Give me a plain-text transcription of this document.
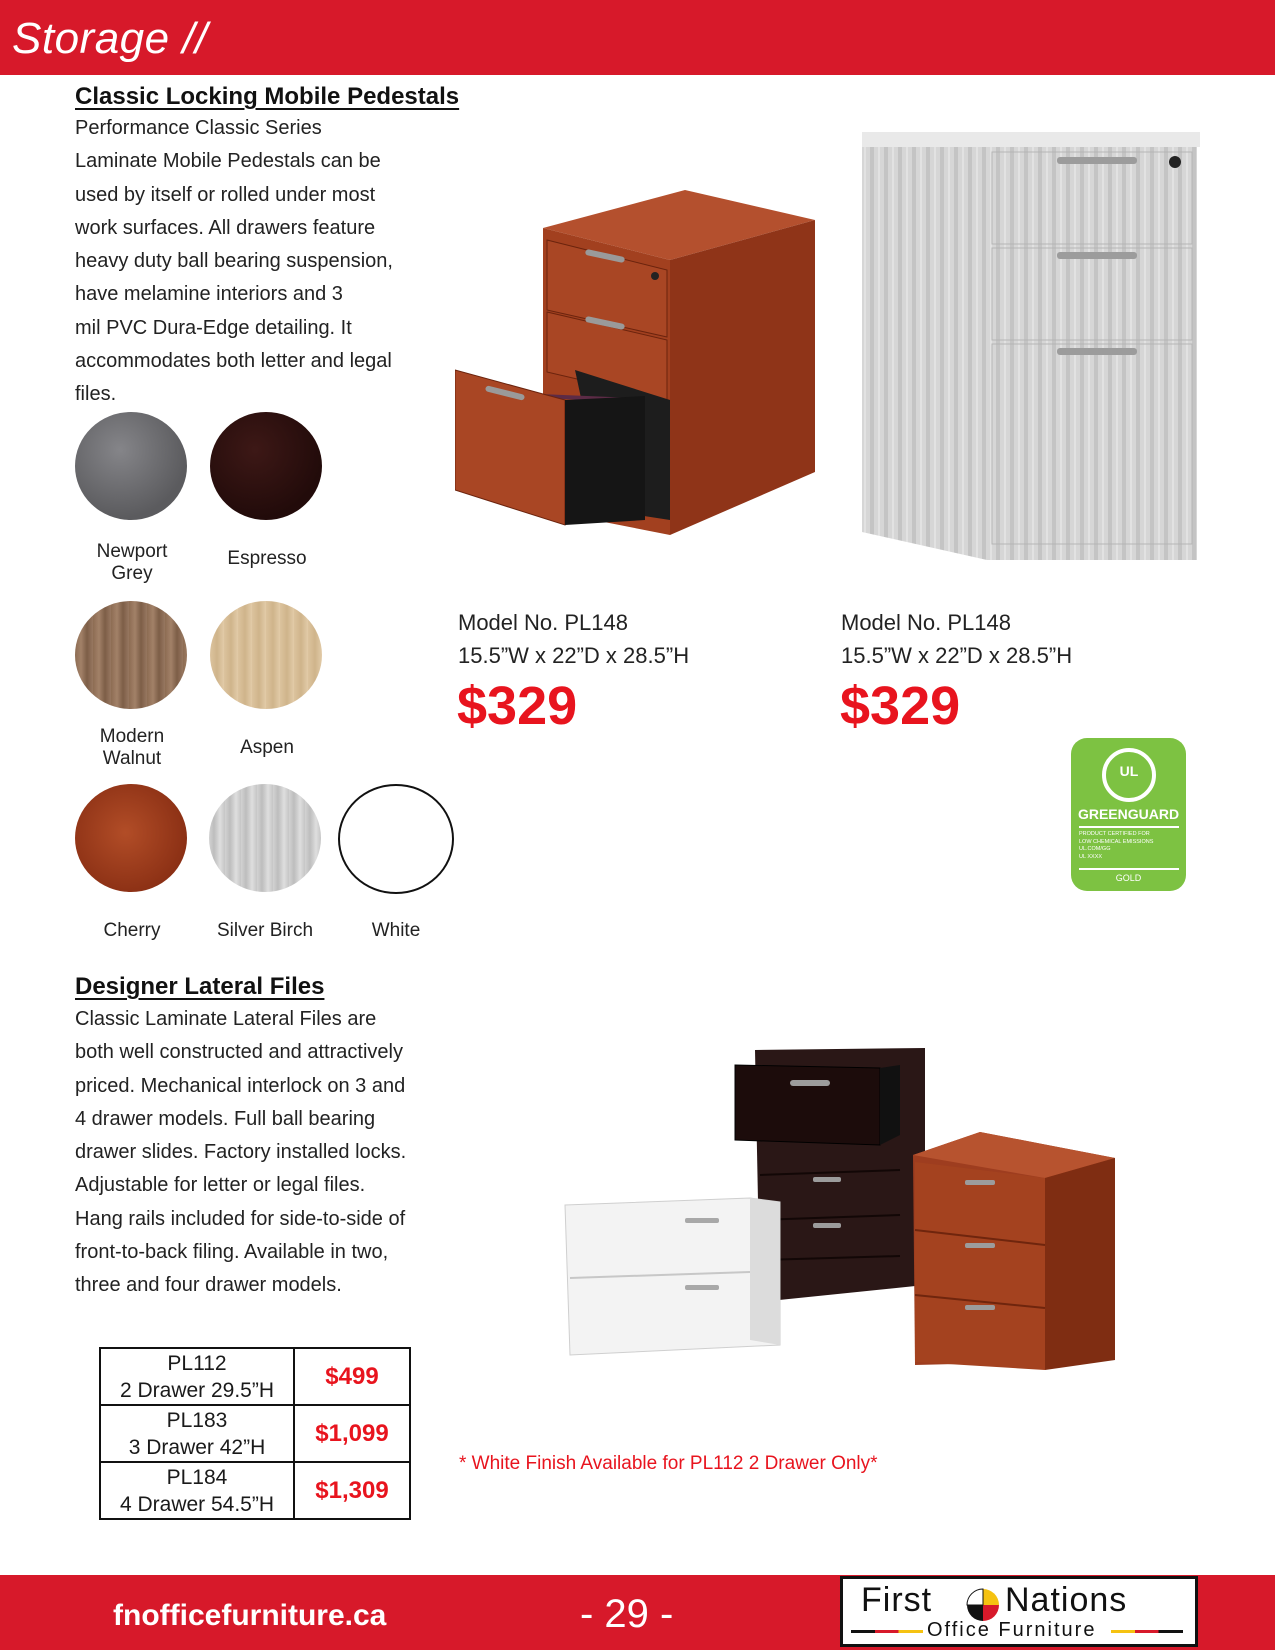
Storage //
Classic Locking Mobile Pedestals
Performance Classic Series
Laminate Mobile Pedestals can be
used by itself or rolled under most
work surfaces. All drawers feature
heavy duty ball bearing suspension,
have melamine interiors and 3
mil PVC Dura-Edge detailing. It
accommodates both letter and legal
files.
Newport
Grey
Espresso
Modern
Walnut
Aspen
Cherry	Silver Birch	White
Model No. PL148
15.5”W x 22”D x 28.5”H
$329
Model No. PL148
15.5”W x 22”D x 28.5”H
$329
UL
GREENGUARD
PRODUCT CERTIFIED FOR
LOW CHEMICAL EMISSIONS
UL.COM/GG
UL XXXX
GOLD
Designer Lateral Files
Classic Laminate Lateral Files are
both well constructed and attractively
priced. Mechanical interlock on 3 and
4 drawer models. Full ball bearing
drawer slides. Factory installed locks.
Adjustable for letter or legal files.
Hang rails included for side-to-side of
front-to-back filing. Available in two,
three and four drawer models.
PL112
2 Drawer 29.5”H	$499

PL183
3 Drawer 42”H	$1,099

PL184
4 Drawer 54.5”H	$1,309
* White Finish Available for PL112 2 Drawer Only*
fnofficefurniture.ca	- 29 -	First Nations
Office Furniture
